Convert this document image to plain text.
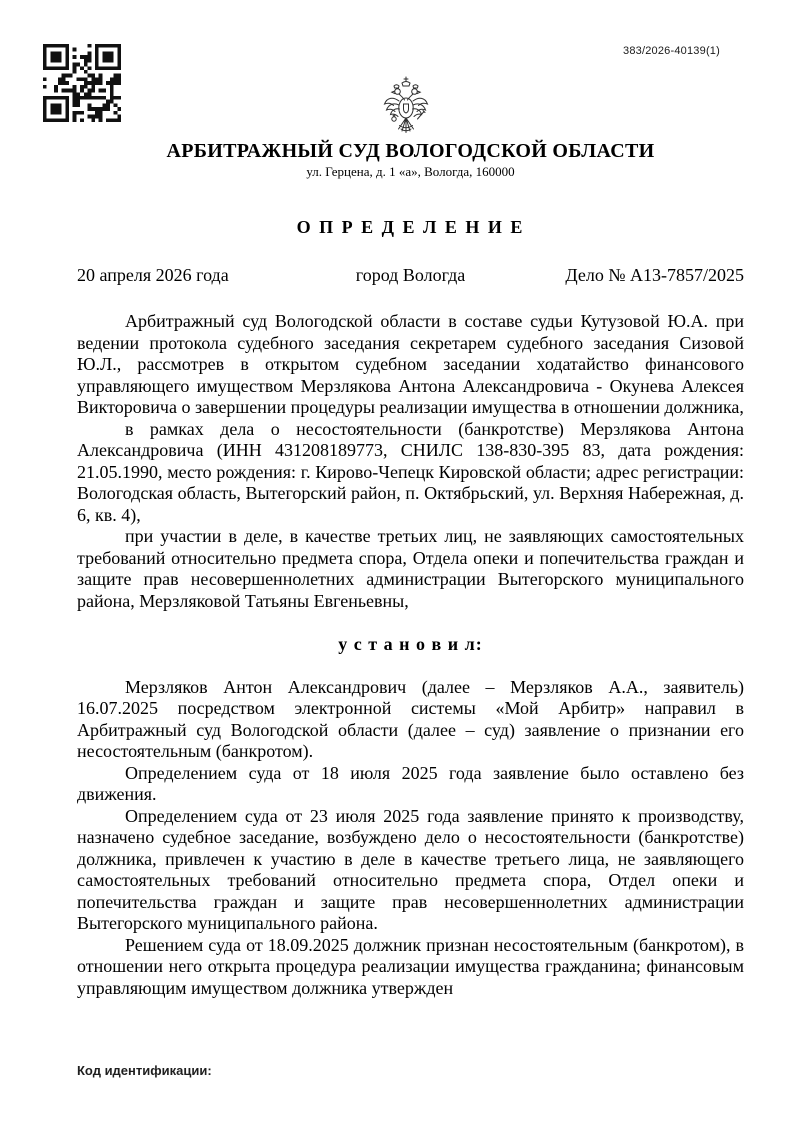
383/2026-40139(1)
АРБИТРАЖНЫЙ СУД ВОЛОГОДСКОЙ ОБЛАСТИ
ул. Герцена, д. 1 «а», Вологда, 160000
О П Р Е Д Е Л Е Н И Е
20 апреля 2026 года	город Вологда	Дело № А13-7857/2025

Арбитражный суд Вологодской области в составе судьи Кутузовой Ю.А. при ведении протокола судебного заседания секретарем судебного заседания Сизовой Ю.Л., рассмотрев в открытом судебном заседании ходатайство финансового управляющего имуществом Мерзлякова Антона Александровича - Окунева Алексея Викторовича о завершении процедуры реализации имущества в отношении должника,

в рамках дела о несостоятельности (банкротстве) Мерзлякова Антона Александровича (ИНН 431208189773, СНИЛС 138-830-395 83, дата рождения: 21.05.1990, место рождения: г. Кирово-Чепецк Кировской области; адрес регистрации: Вологодская область, Вытегорский район, п. Октябрьский, ул. Верхняя Набережная, д. 6, кв. 4),

при участии в деле, в качестве третьих лиц, не заявляющих самостоятельных требований относительно предмета спора, Отдела опеки и попечительства граждан и защите прав несовершеннолетних администрации Вытегорского муниципального района, Мерзляковой Татьяны Евгеньевны,

у с т а н о в и л:

Мерзляков Антон Александрович (далее – Мерзляков А.А., заявитель) 16.07.2025 посредством электронной системы «Мой Арбитр» направил в Арбитражный суд Вологодской области (далее – суд) заявление о признании его несостоятельным (банкротом).

Определением суда от 18 июля 2025 года заявление было оставлено без движения.

Определением суда от 23 июля 2025 года заявление принято к производству, назначено судебное заседание, возбуждено дело о несостоятельности (банкротстве) должника, привлечен к участию в деле в качестве третьего лица, не заявляющего самостоятельных требований относительно предмета спора, Отдел опеки и попечительства граждан и защите прав несовершеннолетних администрации Вытегорского муниципального района.

Решением суда от 18.09.2025 должник признан несостоятельным (банкротом), в отношении него открыта процедура реализации имущества гражданина; финансовым управляющим имуществом должника утвержден

Код идентификации:
